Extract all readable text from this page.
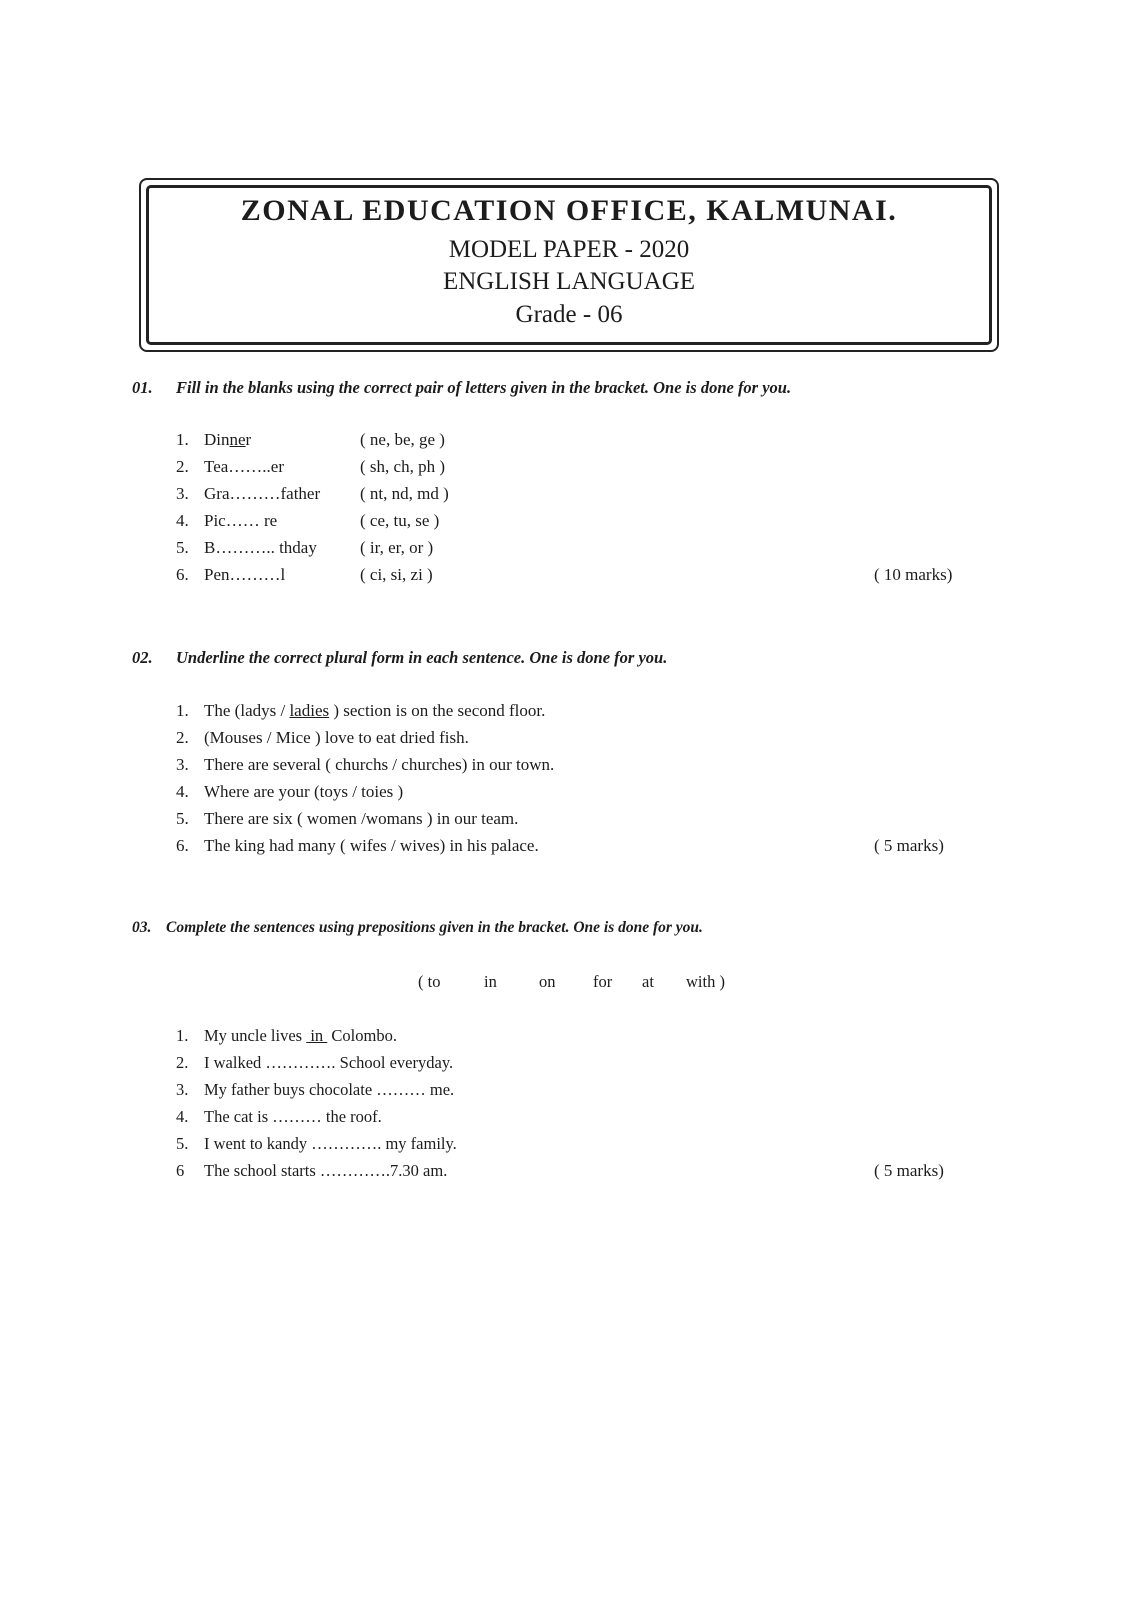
ZONAL EDUCATION OFFICE, KALMUNAI.
MODEL PAPER - 2020
ENGLISH LANGUAGE
Grade - 06
01. Fill in the blanks using the correct pair of letters given in the bracket. One is done for you.
1. Dinner	( ne, be, ge )
2. Tea……..er	( sh, ch, ph )
3. Gra………father ( nt, nd, md )
4. Pic…… re	( ce, tu, se )
5. B……….. thday	( ir, er, or )
6. Pen………l	( ci, si, zi )	( 10 marks)
02. Underline the correct plural form in each sentence. One is done for you.
1. The (ladys / ladies ) section is on the second floor.
2. (Mouses / Mice ) love to eat dried fish.
3. There are several ( churchs / churches) in our town.
4. Where are your (toys / toies )
5. There are six ( women /womans ) in our team.
6. The king had many ( wifes / wives) in his palace.	( 5 marks)
03. Complete the sentences using prepositions given in the bracket. One is done for you.
( to	in	on for at with )
1. My uncle lives  in  Colombo.
2. I walked …………. School everyday.
3. My father buys chocolate ……… me.
4. The cat is ……… the roof.
5. I went to kandy …………. my family.
6 The school starts ………….7.30 am.	( 5 marks)
